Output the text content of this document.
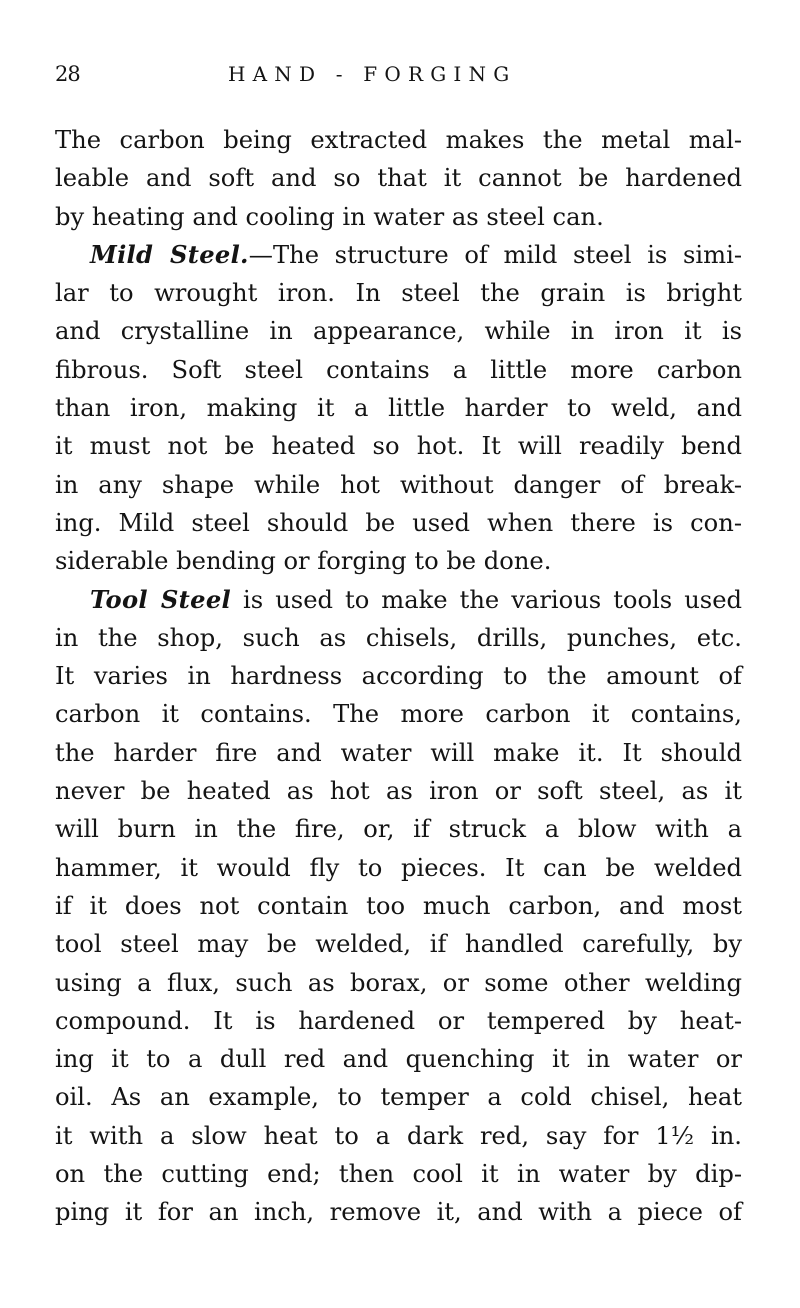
28	HAND - FORGING
The carbon being extracted makes the metal mal-
leable and soft and so that it cannot be hardened
by heating and cooling in water as steel can.
Mild Steel.—The structure of mild steel is simi-
lar to wrought iron. In steel the grain is bright
and crystalline in appearance, while in iron it is
fibrous. Soft steel contains a little more carbon
than iron, making it a little harder to weld, and
it must not be heated so hot. It will readily bend
in any shape while hot without danger of break-
ing. Mild steel should be used when there is con-
siderable bending or forging to be done.
Tool Steel is used to make the various tools used
in the shop, such as chisels, drills, punches, etc.
It varies in hardness according to the amount of
carbon it contains. The more carbon it contains,
the harder fire and water will make it. It should
never be heated as hot as iron or soft steel, as it
will burn in the fire, or, if struck a blow with a
hammer, it would fly to pieces. It can be welded
if it does not contain too much carbon, and most
tool steel may be welded, if handled carefully, by
using a flux, such as borax, or some other welding
compound. It is hardened or tempered by heat-
ing it to a dull red and quenching it in water or
oil. As an example, to temper a cold chisel, heat
it with a slow heat to a dark red, say for 1½ in.
on the cutting end; then cool it in water by dip-
ping it for an inch, remove it, and with a piece of
